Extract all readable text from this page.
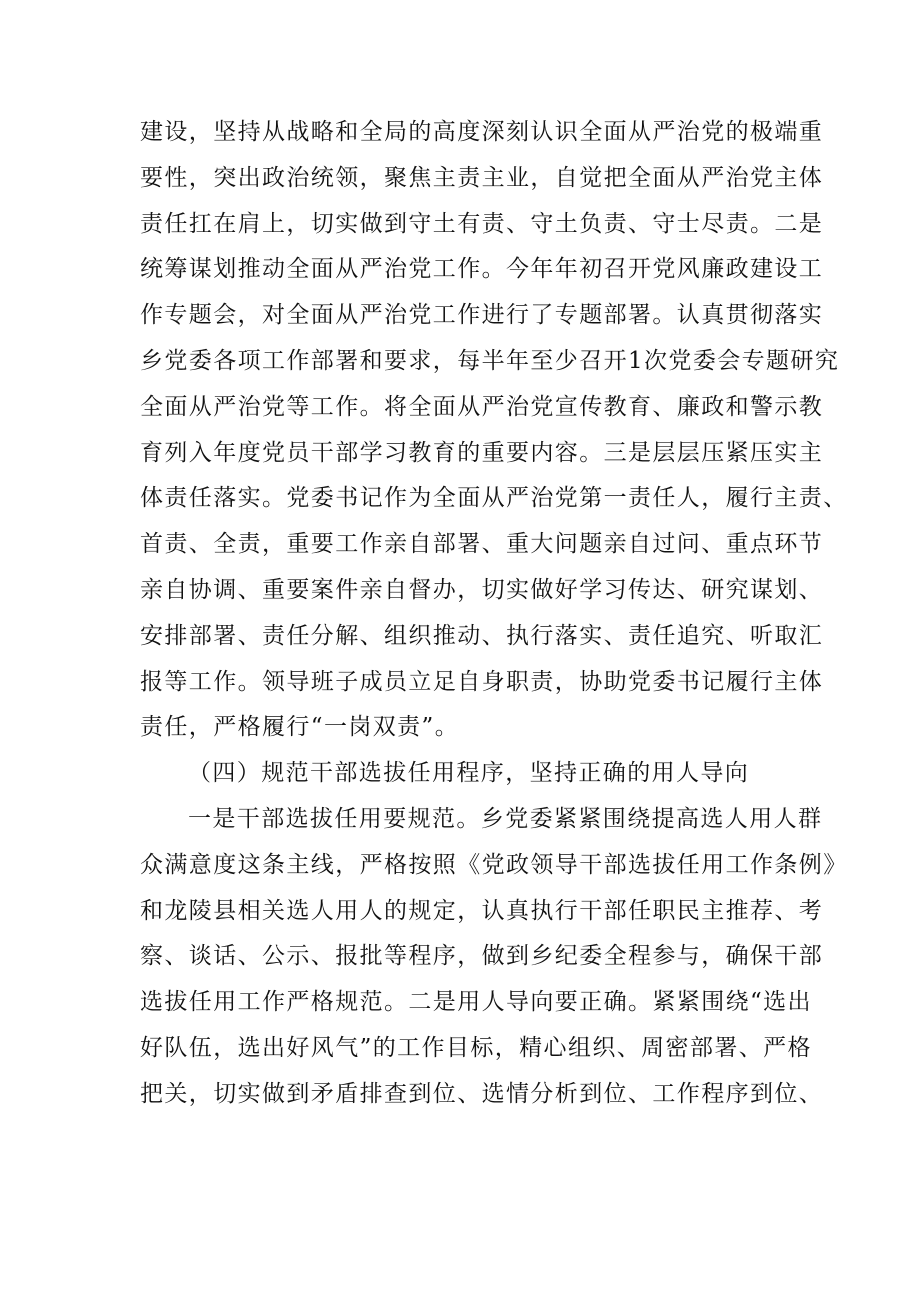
建设，坚持从战略和全局的高度深刻认识全面从严治党的极端重
要性，突出政治统领，聚焦主责主业，自觉把全面从严治党主体
责任扛在肩上，切实做到守土有责、守土负责、守士尽责。二是
统筹谋划推动全面从严治党工作。今年年初召开党风廉政建设工
作专题会，对全面从严治党工作进行了专题部署。认真贯彻落实
乡党委各项工作部署和要求，每半年至少召开1次党委会专题研究
全面从严治党等工作。将全面从严治党宣传教育、廉政和警示教
育列入年度党员干部学习教育的重要内容。三是层层压紧压实主
体责任落实。党委书记作为全面从严治党第一责任人，履行主责、
首责、全责，重要工作亲自部署、重大问题亲自过问、重点环节
亲自协调、重要案件亲自督办，切实做好学习传达、研究谋划、
安排部署、责任分解、组织推动、执行落实、责任追究、听取汇
报等工作。领导班子成员立足自身职责，协助党委书记履行主体
责任，严格履行“一岗双责”。
（四）规范干部选拔任用程序，坚持正确的用人导向
一是干部选拔任用要规范。乡党委紧紧围绕提高选人用人群
众满意度这条主线，严格按照《党政领导干部选拔任用工作条例》
和龙陵县相关选人用人的规定，认真执行干部任职民主推荐、考
察、谈话、公示、报批等程序，做到乡纪委全程参与，确保干部
选拔任用工作严格规范。二是用人导向要正确。紧紧围绕“选出
好队伍，选出好风气”的工作目标，精心组织、周密部署、严格
把关，切实做到矛盾排查到位、选情分析到位、工作程序到位、
